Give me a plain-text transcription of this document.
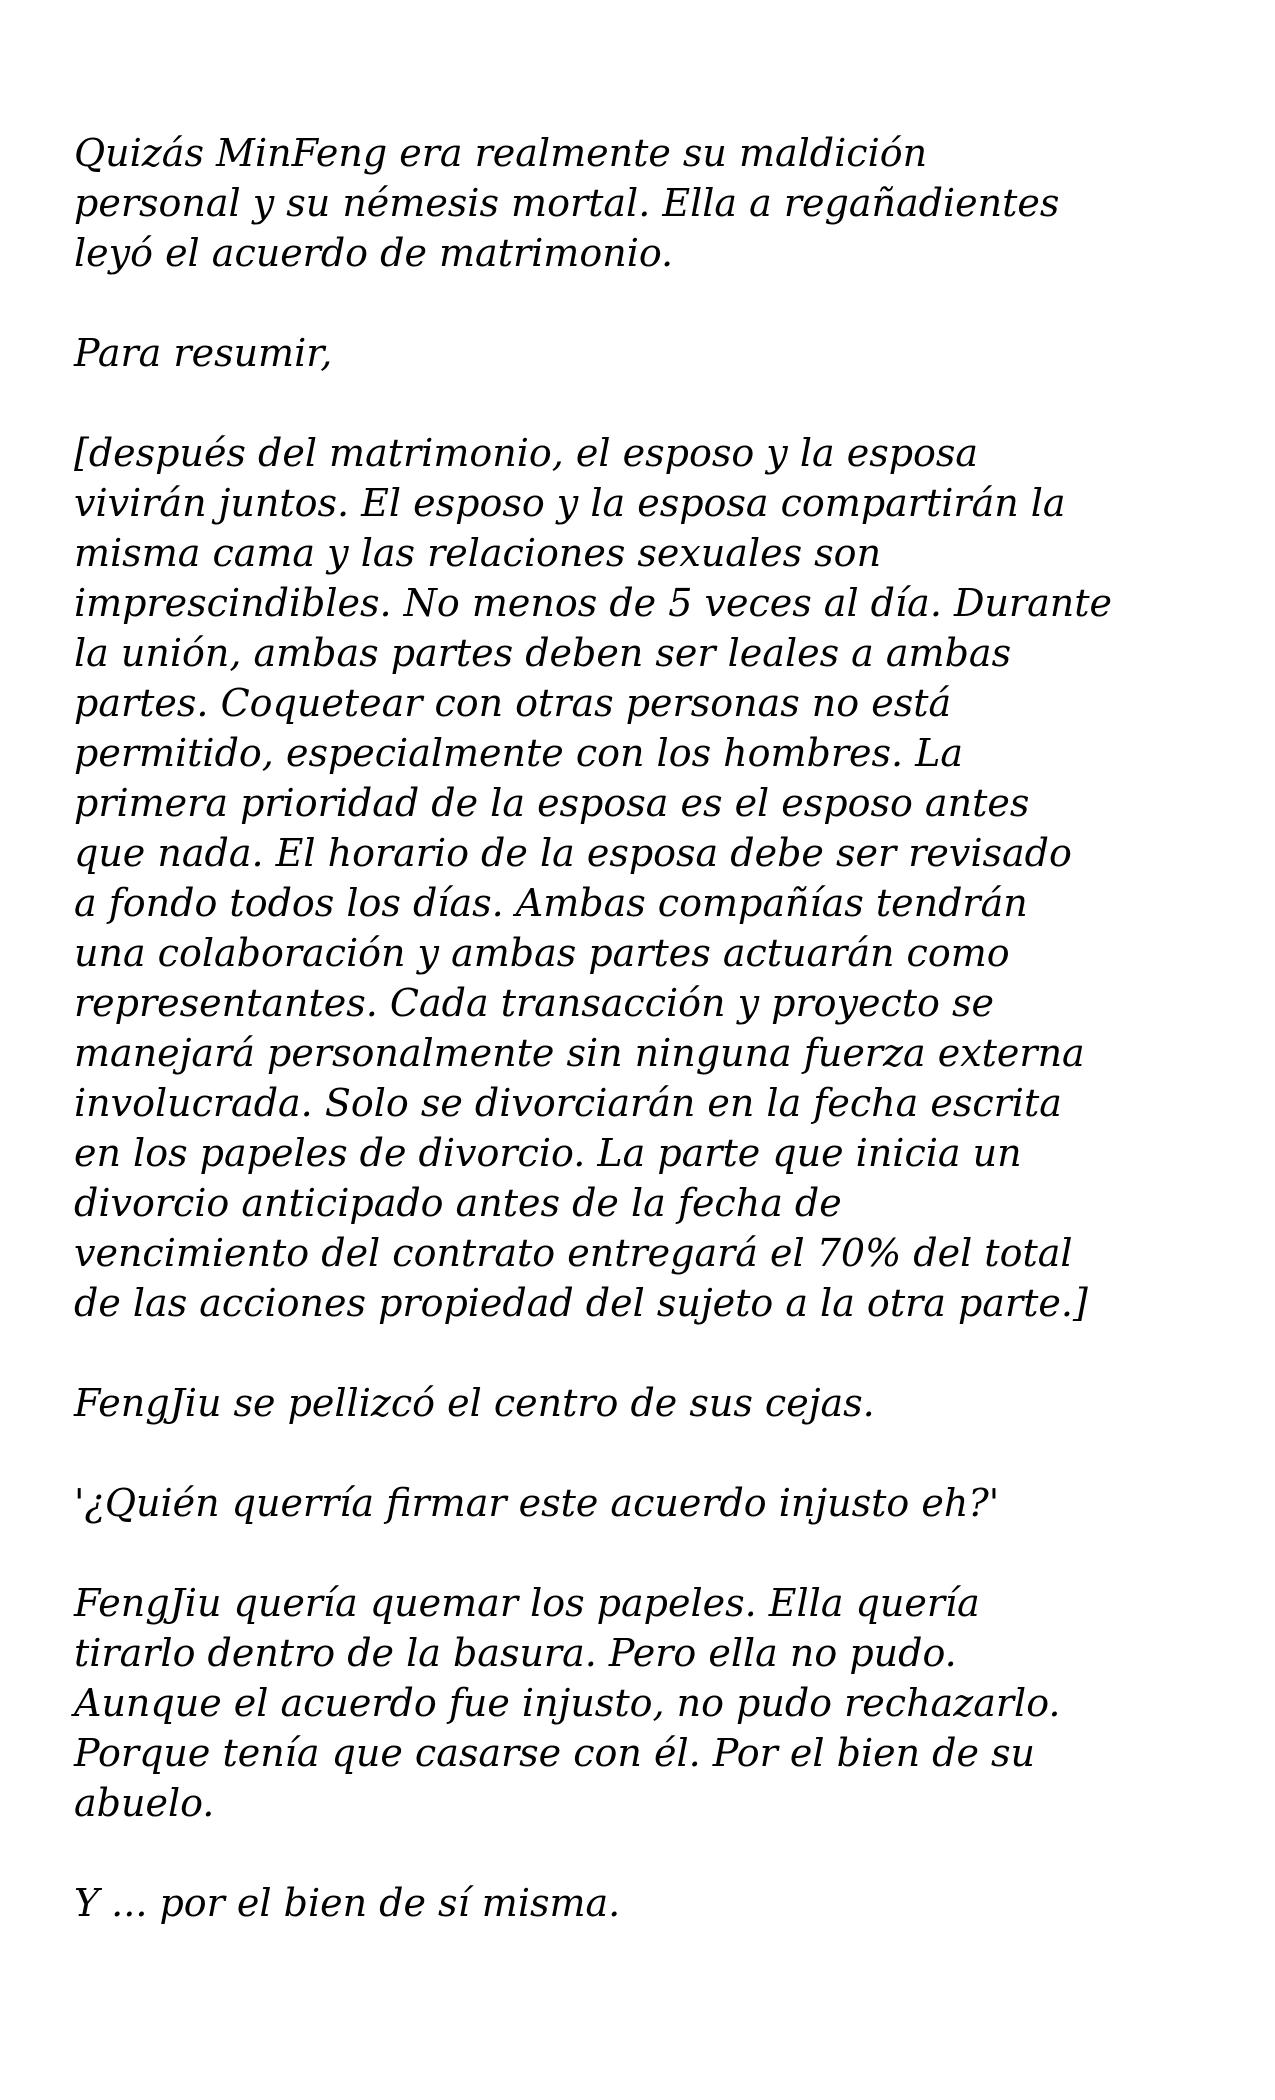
Quizás MinFeng era realmente su maldición
personal y su némesis mortal. Ella a regañadientes
leyó el acuerdo de matrimonio.

Para resumir,

[después del matrimonio, el esposo y la esposa
vivirán juntos. El esposo y la esposa compartirán la
misma cama y las relaciones sexuales son
imprescindibles. No menos de 5 veces al día. Durante
la unión, ambas partes deben ser leales a ambas
partes. Coquetear con otras personas no está
permitido, especialmente con los hombres. La
primera prioridad de la esposa es el esposo antes
que nada. El horario de la esposa debe ser revisado
a fondo todos los días. Ambas compañías tendrán
una colaboración y ambas partes actuarán como
representantes. Cada transacción y proyecto se
manejará personalmente sin ninguna fuerza externa
involucrada. Solo se divorciarán en la fecha escrita
en los papeles de divorcio. La parte que inicia un
divorcio anticipado antes de la fecha de
vencimiento del contrato entregará el 70% del total
de las acciones propiedad del sujeto a la otra parte.]

FengJiu se pellizcó el centro de sus cejas.

'¿Quién querría firmar este acuerdo injusto eh?'

FengJiu quería quemar los papeles. Ella quería
tirarlo dentro de la basura. Pero ella no pudo.
Aunque el acuerdo fue injusto, no pudo rechazarlo.
Porque tenía que casarse con él. Por el bien de su
abuelo.

Y ... por el bien de sí misma.
